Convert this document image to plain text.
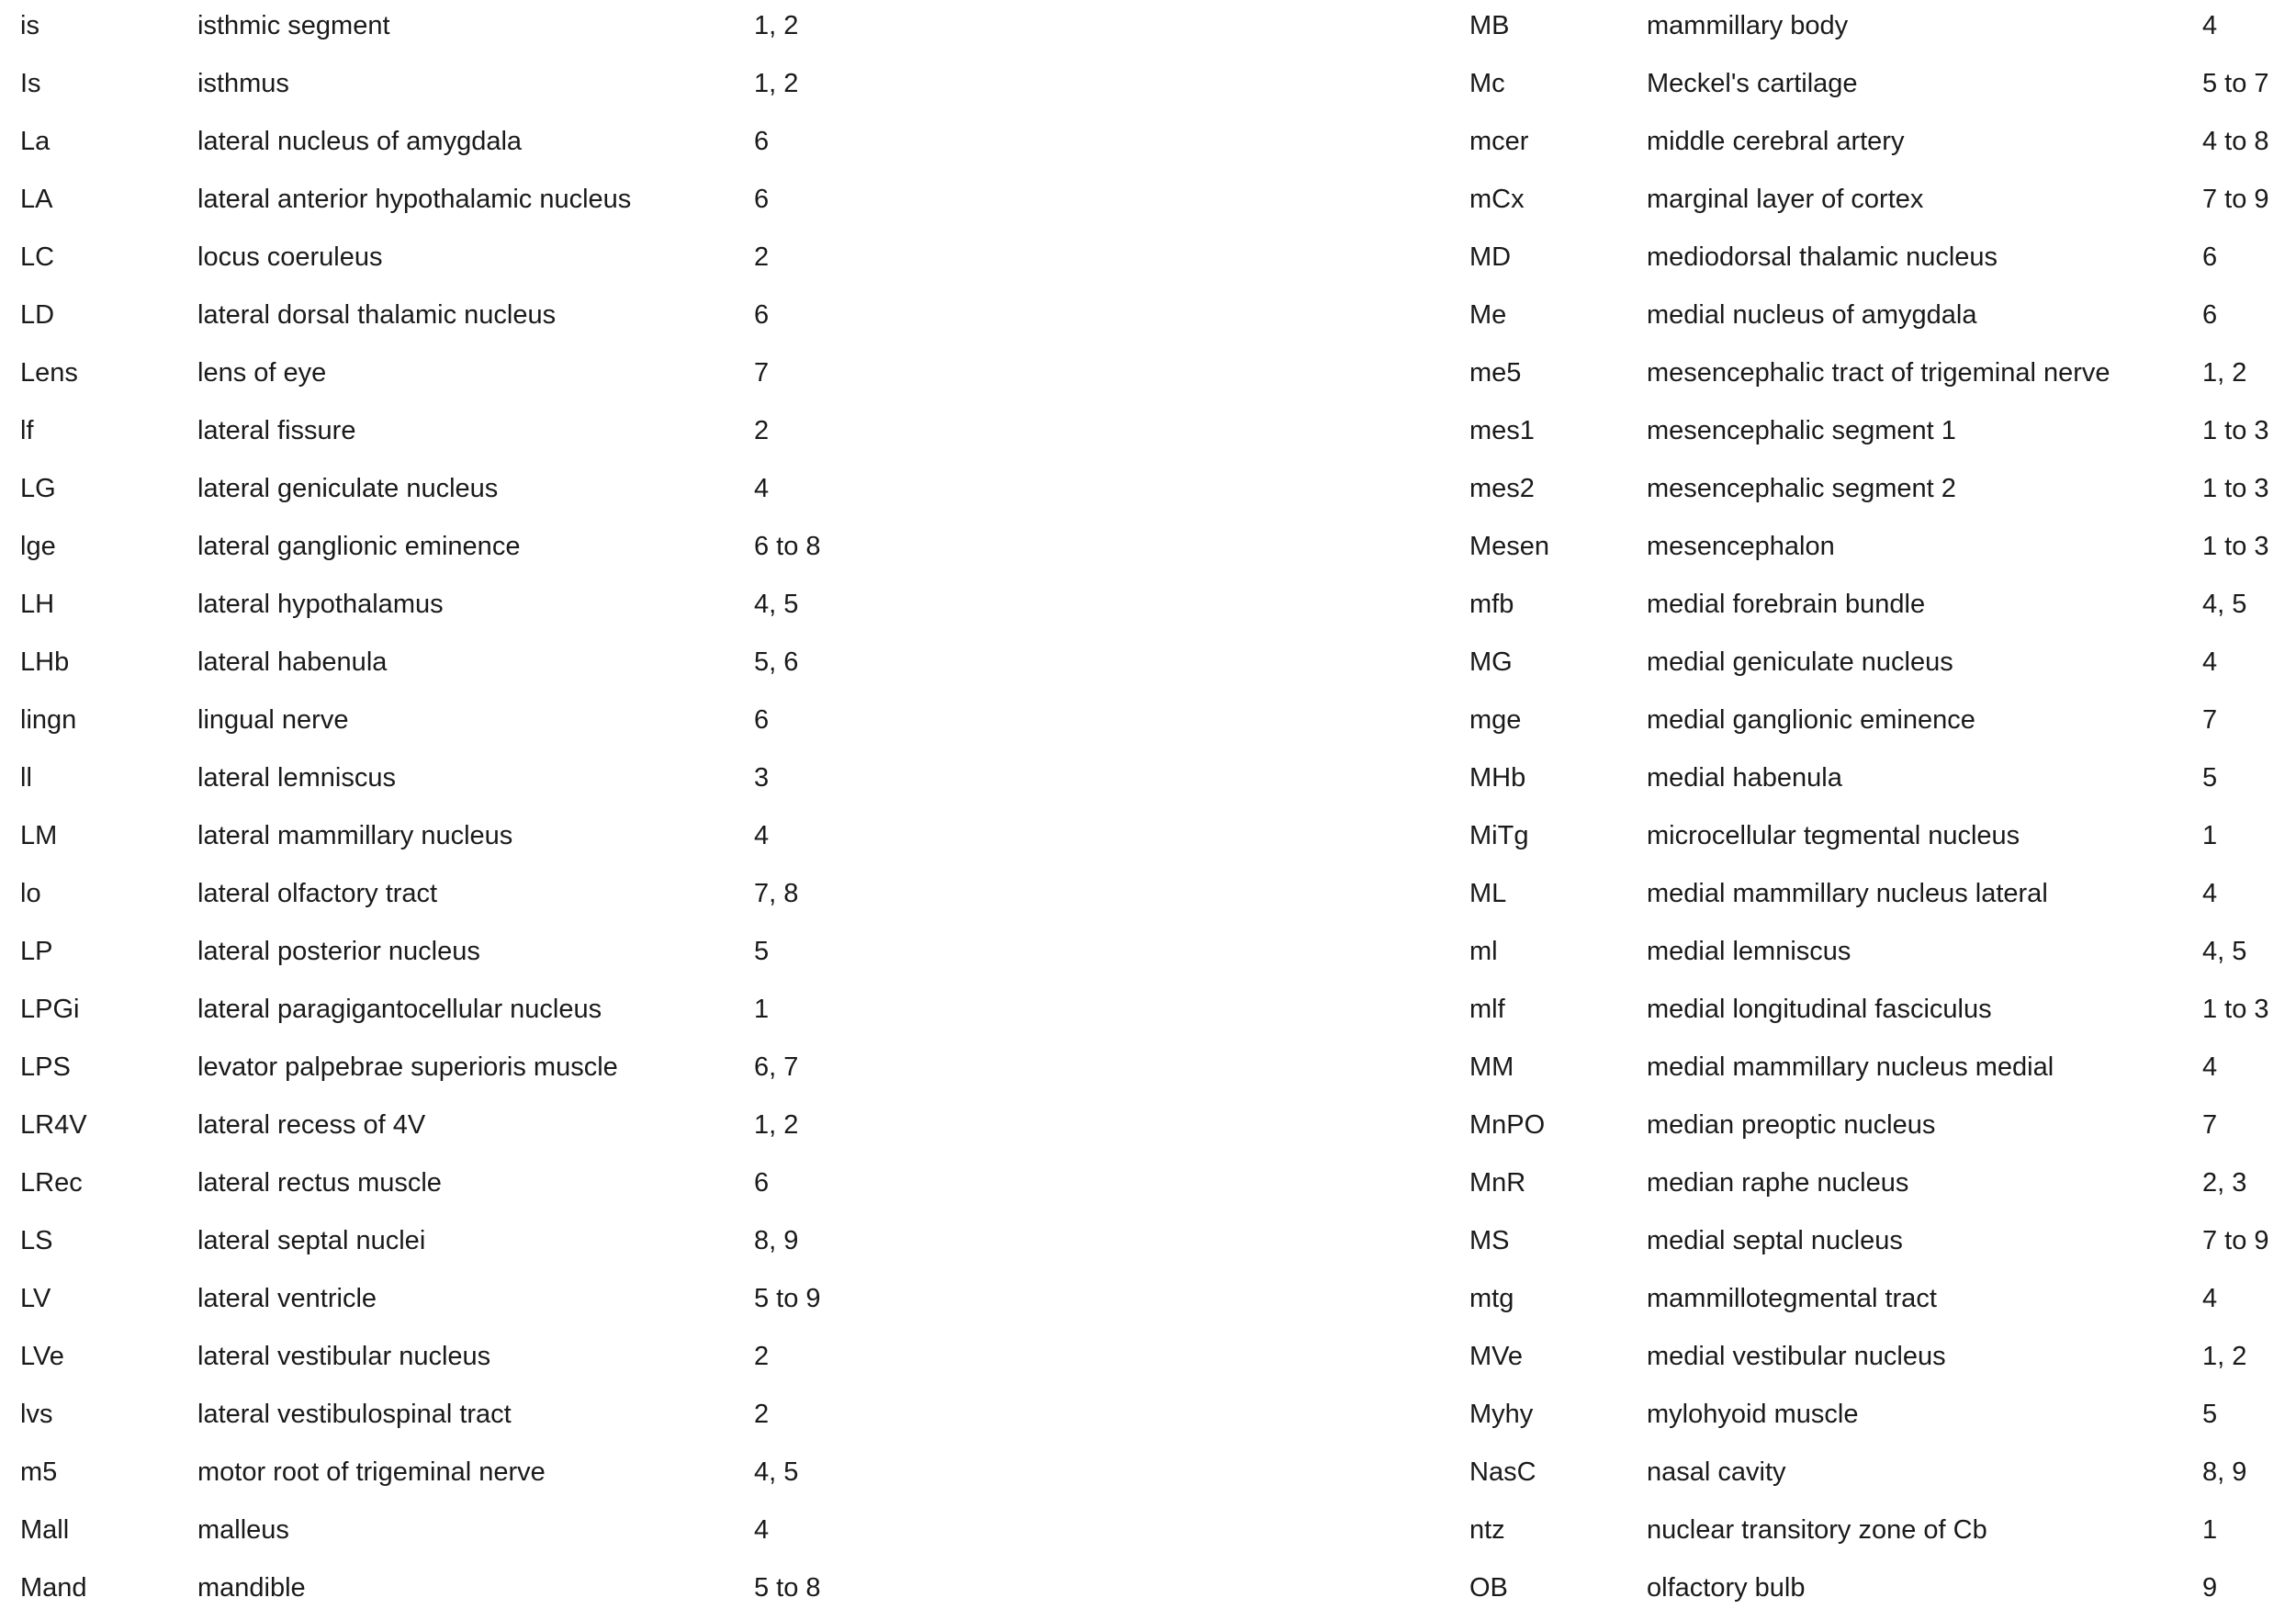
is	isthmic segment	1, 2
Is	isthmus	1, 2
La	lateral nucleus of amygdala	6
LA	lateral anterior hypothalamic nucleus	6
LC	locus coeruleus	2
LD	lateral dorsal thalamic nucleus	6
Lens	lens of eye	7
lf	lateral fissure	2
LG	lateral geniculate nucleus	4
lge	lateral ganglionic eminence	6 to 8
LH	lateral hypothalamus	4, 5
LHb	lateral habenula	5, 6
lingn	lingual nerve	6
ll	lateral lemniscus	3
LM	lateral mammillary nucleus	4
lo	lateral olfactory tract	7, 8
LP	lateral posterior nucleus	5
LPGi	lateral paragigantocellular nucleus	1
LPS	levator palpebrae superioris muscle	6, 7
LR4V	lateral recess of 4V	1, 2
LRec	lateral rectus muscle	6
LS	lateral septal nuclei	8, 9
LV	lateral ventricle	5 to 9
LVe	lateral vestibular nucleus	2
lvs	lateral vestibulospinal tract	2
m5	motor root of trigeminal nerve	4, 5
Mall	malleus	4
Mand	mandible	5 to 8
MB	mammillary body	4
Mc	Meckel's cartilage	5 to 7
mcer	middle cerebral artery	4 to 8
mCx	marginal layer of cortex	7 to 9
MD	mediodorsal thalamic nucleus	6
Me	medial nucleus of amygdala	6
me5	mesencephalic tract of trigeminal nerve	1, 2
mes1	mesencephalic segment 1	1 to 3
mes2	mesencephalic segment 2	1 to 3
Mesen	mesencephalon	1 to 3
mfb	medial forebrain bundle	4, 5
MG	medial geniculate nucleus	4
mge	medial ganglionic eminence	7
MHb	medial habenula	5
MiTg	microcellular tegmental nucleus	1
ML	medial mammillary nucleus lateral	4
ml	medial lemniscus	4, 5
mlf	medial longitudinal fasciculus	1 to 3
MM	medial mammillary nucleus medial	4
MnPO	median preoptic nucleus	7
MnR	median raphe nucleus	2, 3
MS	medial septal nucleus	7 to 9
mtg	mammillotegmental tract	4
MVe	medial vestibular nucleus	1, 2
Myhy	mylohyoid muscle	5
NasC	nasal cavity	8, 9
ntz	nuclear transitory zone of Cb	1
OB	olfactory bulb	9
